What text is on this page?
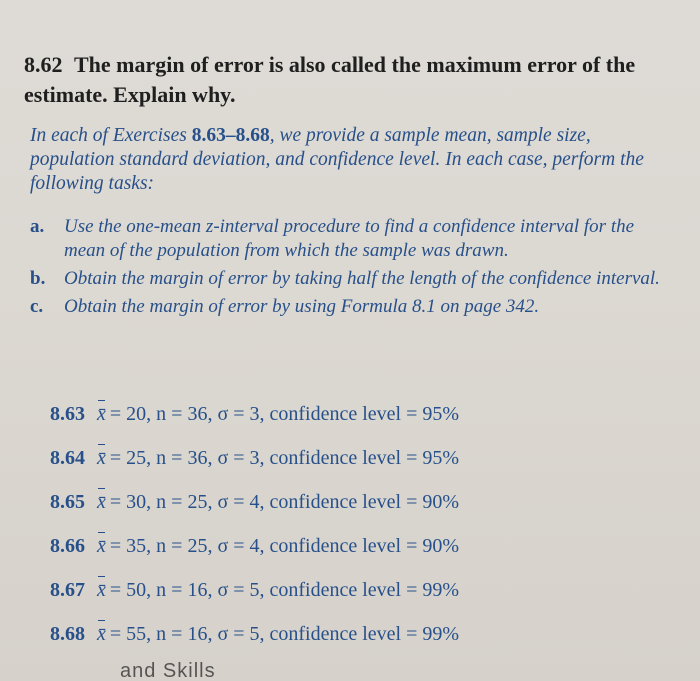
8.62 The margin of error is also called the maximum error of the estimate. Explain why.
In each of Exercises 8.63–8.68, we provide a sample mean, sample size, population standard deviation, and confidence level. In each case, perform the following tasks:
a.	Use the one-mean z-interval procedure to find a confidence interval for the mean of the population from which the sample was drawn.
b. Obtain the margin of error by taking half the length of the confidence interval.
c.	Obtain the margin of error by using Formula 8.1 on page 342.
8.63 x̄ = 20, n = 36, σ = 3, confidence level = 95%
8.64 x̄ = 25, n = 36, σ = 3, confidence level = 95%
8.65 x̄ = 30, n = 25, σ = 4, confidence level = 90%
8.66 x̄ = 35, n = 25, σ = 4, confidence level = 90%
8.67 x̄ = 50, n = 16, σ = 5, confidence level = 99%
8.68 x̄ = 55, n = 16, σ = 5, confidence level = 99%
and Skills
